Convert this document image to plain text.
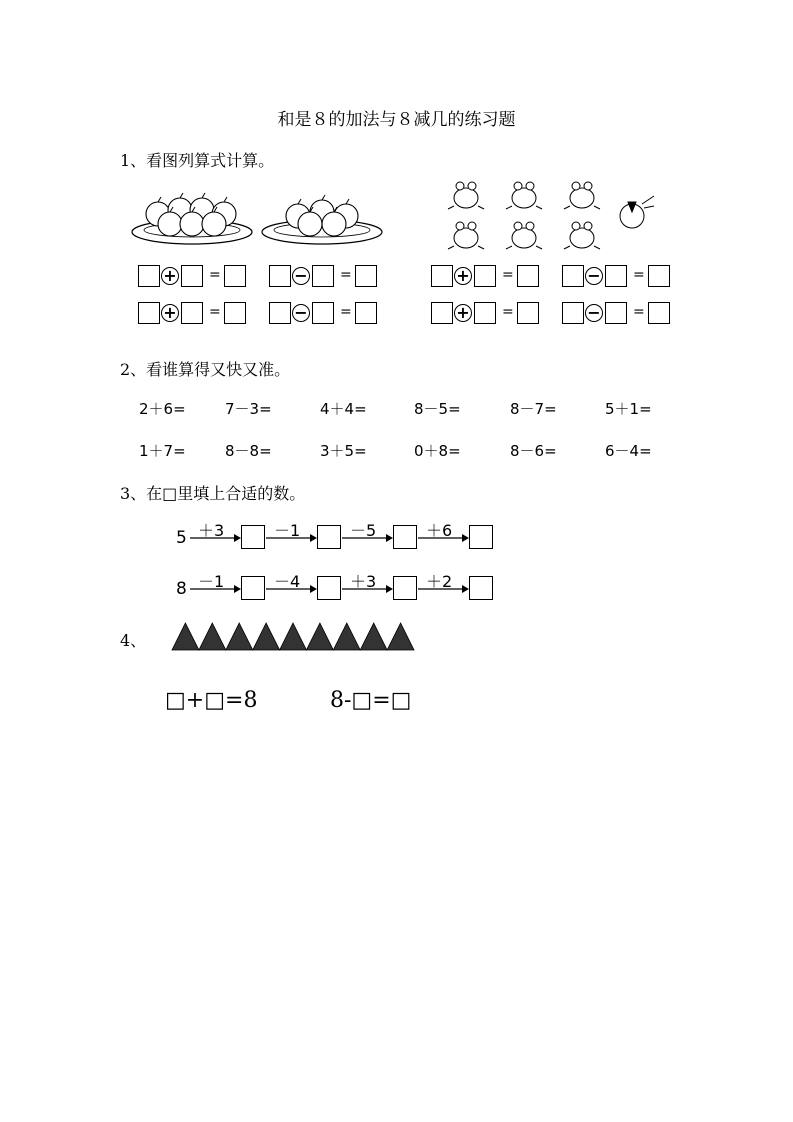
和是８的加法与８减几的练习题
1、看图列算式计算。
+ =	− =	+ =	− =
+ =	− =	+ =	− =
2、看谁算得又快又准。
2＋6=	7－3=	4＋4=	8－5=	8－7=	5＋1=
1＋7=	8－8=	3＋5=	0＋8=	8－6=	6－4=
3、在□里填上合适的数。
5 ＋3	－1	－5	＋6
8 －1	－4	＋3	＋2
4、
□+□=8	8-□=□
